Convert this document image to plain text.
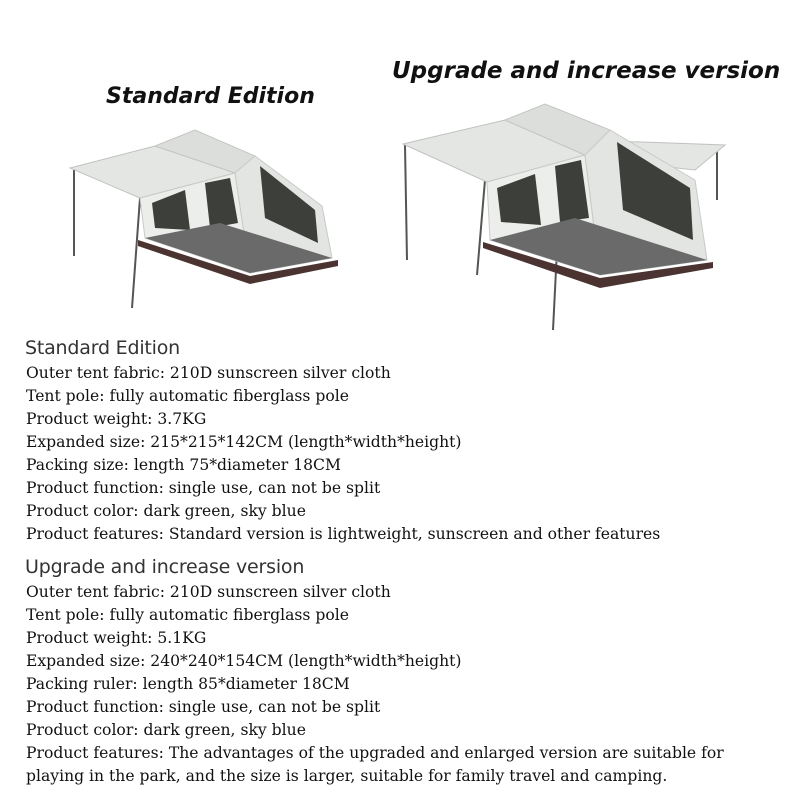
Standard Edition
Upgrade and increase version
Standard Edition
Outer tent fabric: 210D sunscreen silver cloth
Tent pole: fully automatic fiberglass pole
Product weight: 3.7KG
Expanded size: 215*215*142CM (length*width*height)
Packing size: length 75*diameter 18CM
Product function: single use, can not be split
Product color: dark green, sky blue
Product features: Standard version is lightweight, sunscreen and other features
Upgrade and increase version
Outer tent fabric: 210D sunscreen silver cloth
Tent pole: fully automatic fiberglass pole
Product weight: 5.1KG
Expanded size: 240*240*154CM (length*width*height)
Packing ruler: length 85*diameter 18CM
Product function: single use, can not be split
Product color: dark green, sky blue
Product features: The advantages of the upgraded and enlarged version are suitable for playing in the park, and the size is larger, suitable for family travel and camping.
